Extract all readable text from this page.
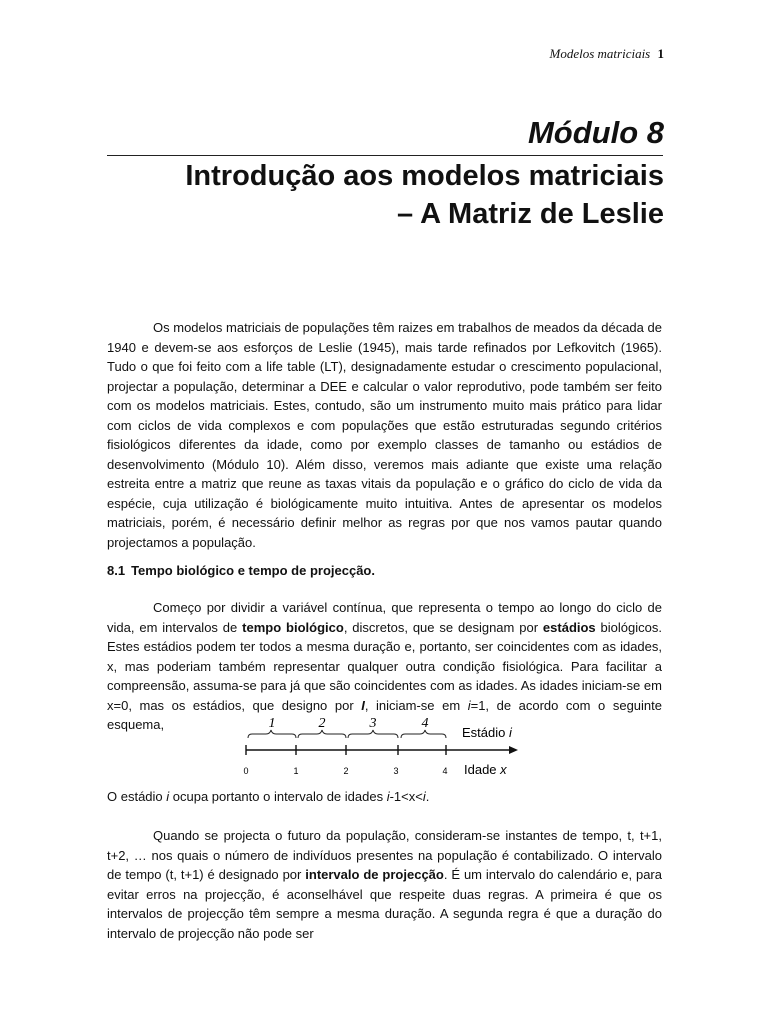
Modelos matriciais 1
Módulo 8
Introdução aos modelos matriciais
– A Matriz de Leslie

Os modelos matriciais de populações têm raizes em trabalhos de meados da década de 1940 e devem-se aos esforços de Leslie (1945), mais tarde refinados por Lefkovitch (1965). Tudo o que foi feito com a life table (LT), designadamente estudar o crescimento populacional, projectar a população, determinar a DEE e calcular o valor reprodutivo, pode também ser feito com os modelos matriciais. Estes, contudo, são um instrumento muito mais prático para lidar com ciclos de vida complexos e com populações que estão estruturadas segundo critérios fisiológicos diferentes da idade, como por exemplo classes de tamanho ou estádios de desenvolvimento (Módulo 10). Além disso, veremos mais adiante que existe uma relação estreita entre a matriz que reune as taxas vitais da população e o gráfico do ciclo de vida da espécie, cuja utilização é biológicamente muito intuitiva. Antes de apresentar os modelos matriciais, porém, é necessário definir melhor as regras por que nos vamos pautar quando projectamos a população.

8.1 Tempo biológico e tempo de projecção.

Começo por dividir a variável contínua, que representa o tempo ao longo do ciclo de vida, em intervalos de tempo biológico, discretos, que se designam por estádios biológicos. Estes estádios podem ter todos a mesma duração e, portanto, ser coincidentes com as idades, x, mas poderiam também representar qualquer outra condição fisiológica. Para facilitar a compreensão, assuma-se para já que são coincidentes com as idades. As idades iniciam-se em x=0, mas os estádios, que designo por I, iniciam-se em i=1, de acordo com o seguinte esquema,	1	2	3	4
Estádio i
0	1	2	3	4 Idade x

O estádio i ocupa portanto o intervalo de idades i-1<x<i.

Quando se projecta o futuro da população, consideram-se instantes de tempo, t, t+1, t+2, … nos quais o número de indivíduos presentes na população é contabilizado. O intervalo de tempo (t, t+1) é designado por intervalo de projecção. É um intervalo do calendário e, para evitar erros na projecção, é aconselhável que respeite duas regras. A primeira é que os intervalos de projecção têm sempre a mesma duração. A segunda regra é que a duração do intervalo de projecção não pode ser
